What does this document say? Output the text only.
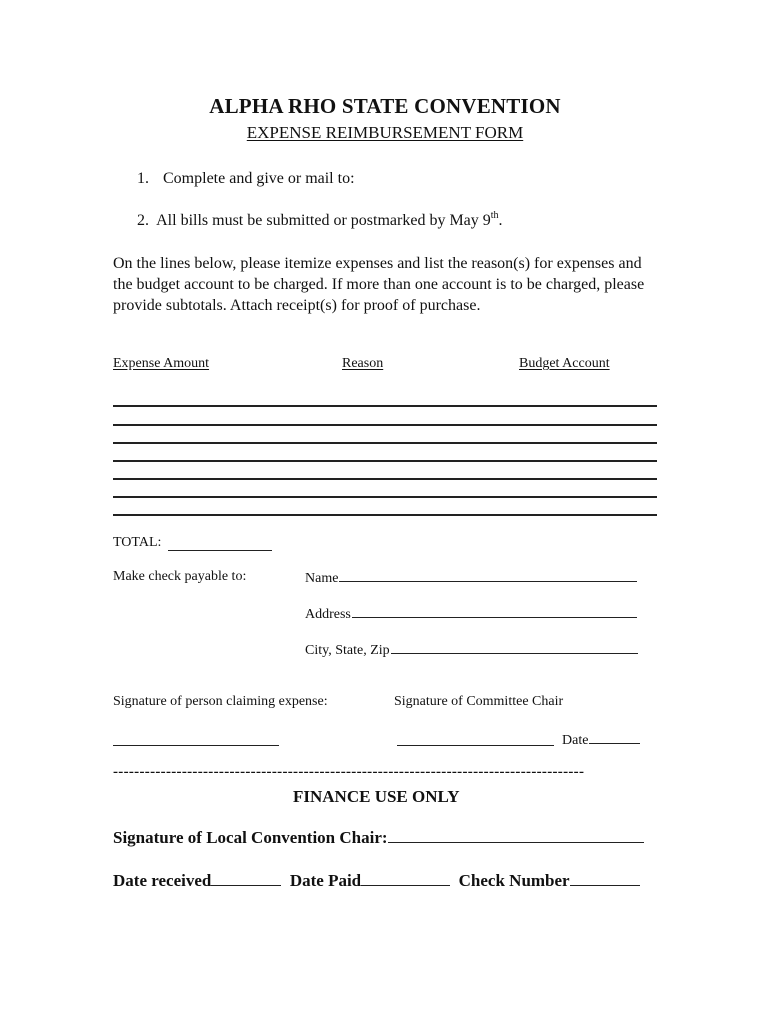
ALPHA RHO STATE CONVENTION
EXPENSE REIMBURSEMENT FORM
1. Complete and give or mail to:
2. All bills must be submitted or postmarked by May 9th.
On the lines below, please itemize expenses and list the reason(s) for expenses and the budget account to be charged. If more than one account is to be charged, please provide subtotals. Attach receipt(s) for proof of purchase.
Expense Amount	Reason	Budget Account
TOTAL:
Make check payable to:	Name
Address
City, State, Zip
Signature of person claiming expense:	Signature of Committee Chair
Date
-----------------------------------------------------------------------------------------
FINANCE USE ONLY
Signature of Local Convention Chair:
Date received	Date Paid	Check Number
